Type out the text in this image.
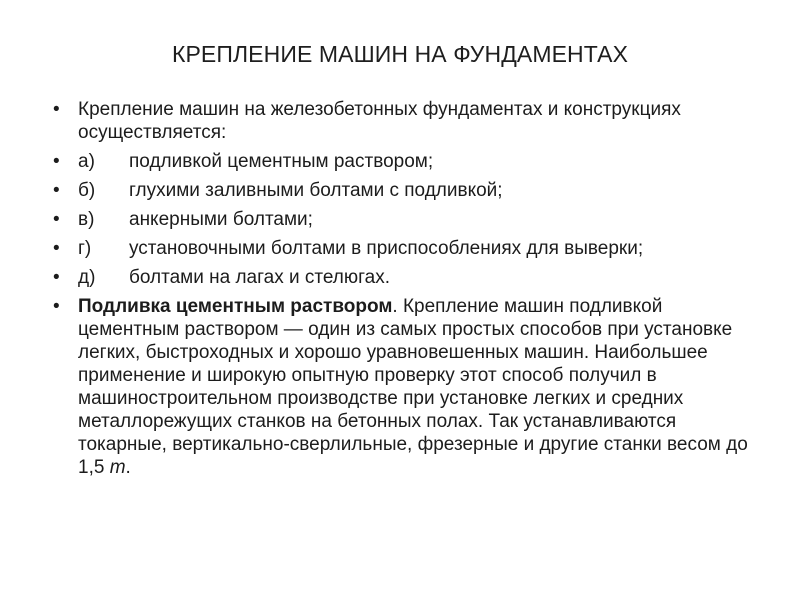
КРЕПЛЕНИЕ МАШИН НА ФУНДАМЕНТАХ
• Крепление машин на железобетонных фундаментах и конструкциях осуществляется:
• а) подливкой цементным раствором;
• б) глухими заливными болтами с подливкой;
• в) анкерными болтами;
• г) установочными болтами в приспособлениях для выверки;
• д) болтами на лагах и стелюгах.
• Подливка цементным раствором. Крепление машин подливкой цементным раствором — один из самых простых способов при установке легких, быстроходных и хорошо уравновешенных машин. Наибольшее применение и широкую опытную проверку этот способ получил в машиностроительном производстве при установке легких и средних металлорежущих станков на бетонных полах. Так устанавливаются токарные, вертикально-сверлильные, фрезерные и другие станки весом до 1,5 т.
